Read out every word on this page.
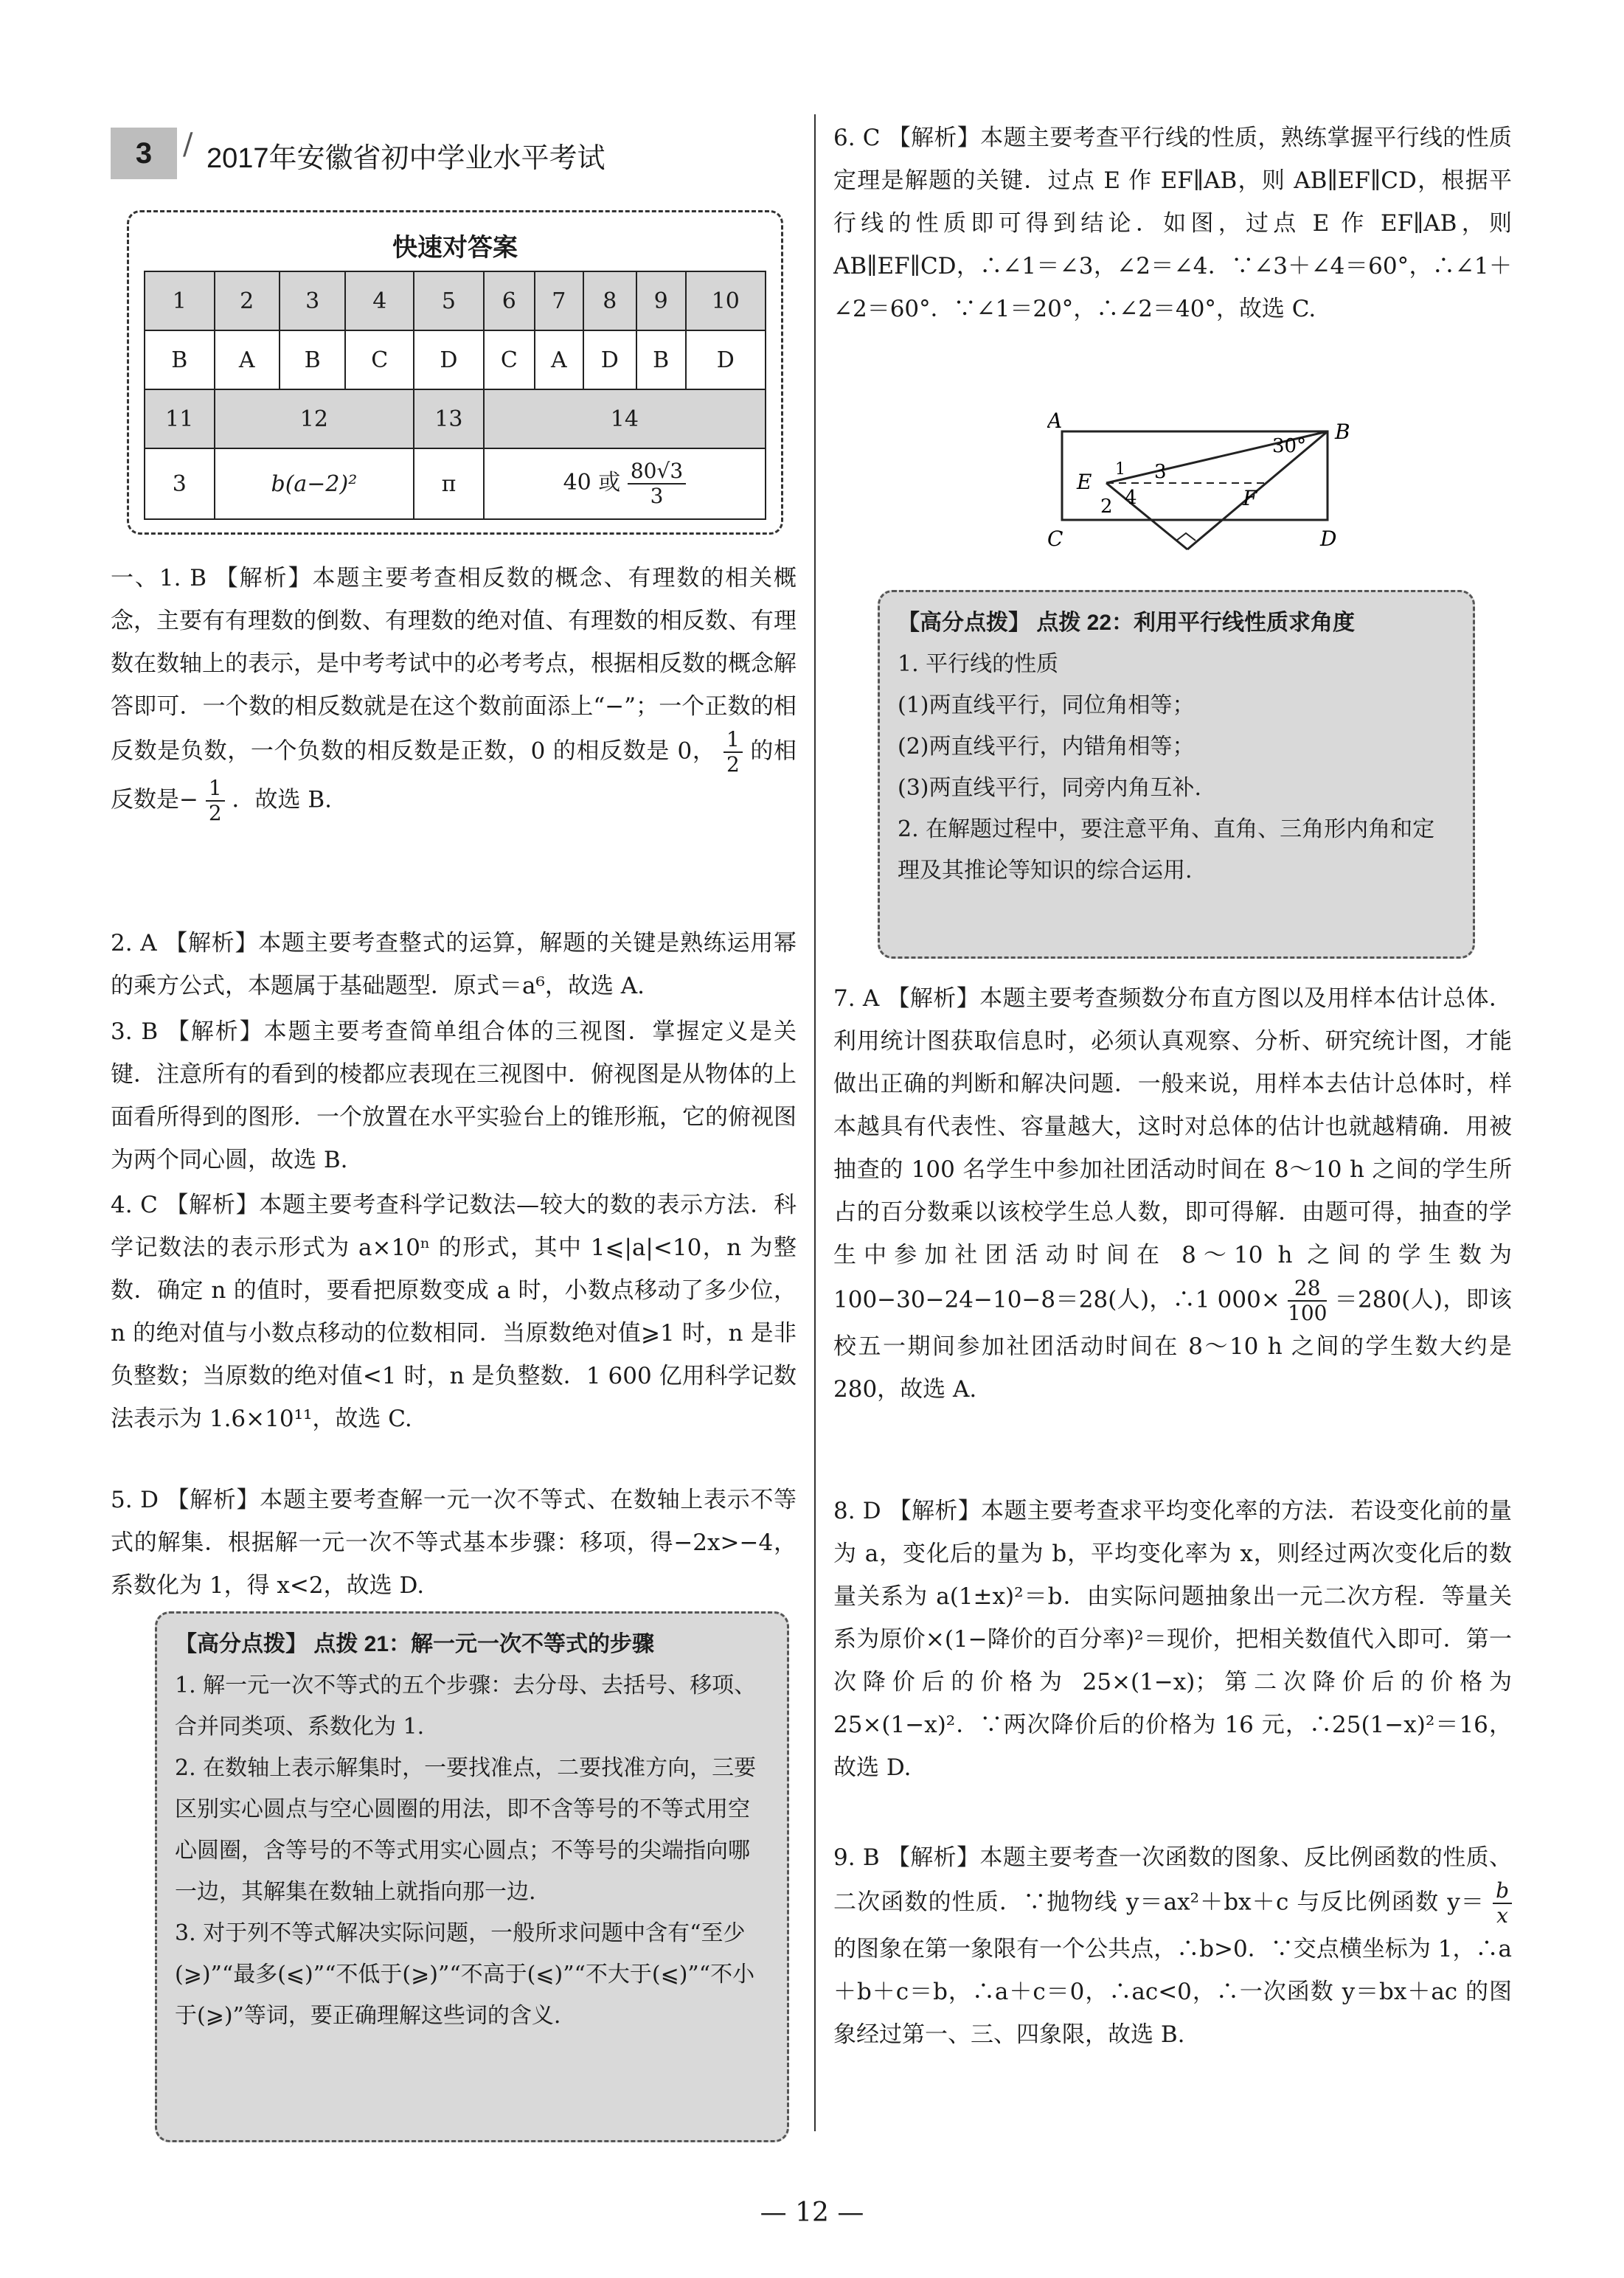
3	/ 2017年安徽省初中学业水平考试
快速对答案
1	2	3	4	5	6	7	8	9	10
B	A	B	C	D	C	A	D	B	D
11	12			13	14				
3	b(a−2)²			π	40 或 $\frac{80√3}{3}$
一、1. B 【解析】本题主要考查相反数的概念、有理数的相关概念，主要有有理数的倒数、有理数的绝对值、有理数的相反数、有理数在数轴上的表示，是中考考试中的必考考点，根据相反数的概念解答即可．一个数的相反数就是在这个数前面添上“−”；一个正数的相反数是负数，一个负数的相反数是正数，0 的相反数是 0， $\frac{1}{2}$ 的相反数是− $\frac{1}{2}$ ．故选 B.
2. A 【解析】本题主要考查整式的运算，解题的关键是熟练运用幂的乘方公式，本题属于基础题型．原式＝a⁶，故选 A.
3. B 【解析】本题主要考查简单组合体的三视图．掌握定义是关键．注意所有的看到的棱都应表现在三视图中．俯视图是从物体的上面看所得到的图形．一个放置在水平实验台上的锥形瓶，它的俯视图为两个同心圆，故选 B.
4. C 【解析】本题主要考查科学记数法—较大的数的表示方法．科学记数法的表示形式为 a×10ⁿ 的形式，其中 1⩽|a|<10，n 为整数．确定 n 的值时，要看把原数变成 a 时，小数点移动了多少位，n 的绝对值与小数点移动的位数相同．当原数绝对值⩾1 时，n 是非负整数；当原数的绝对值<1 时，n 是负整数．1 600 亿用科学记数法表示为 1.6×10¹¹，故选 C.
5. D 【解析】本题主要考查解一元一次不等式、在数轴上表示不等式的解集．根据解一元一次不等式基本步骤：移项，得−2x>−4，系数化为 1，得 x<2，故选 D.
【高分点拨】 点拨 21：解一元一次不等式的步骤
1. 解一元一次不等式的五个步骤：去分母、去括号、移项、合并同类项、系数化为 1.
2. 在数轴上表示解集时，一要找准点，二要找准方向，三要区别实心圆点与空心圆圈的用法，即不含等号的不等式用空心圆圈，含等号的不等式用实心圆点；不等号的尖端指向哪一边，其解集在数轴上就指向那一边.
3. 对于列不等式解决实际问题，一般所求问题中含有“至少(⩾)”“最多(⩽)”“不低于(⩾)”“不高于(⩽)”“不大于(⩽)”“不小于(⩾)”等词，要正确理解这些词的含义.
6. C 【解析】本题主要考查平行线的性质，熟练掌握平行线的性质定理是解题的关键．过点 E 作 EF∥AB，则 AB∥EF∥CD，根据平行线的性质即可得到结论．如图，过点 E 作 EF∥AB，则 AB∥EF∥CD，∴∠1＝∠3，∠2＝∠4．∵∠3＋∠4＝60°，∴∠1＋∠2＝60°．∵∠1＝20°，∴∠2＝40°，故选 C.
A	B
C	D
E
F
30°
1
2
3
4
【高分点拨】 点拨 22：利用平行线性质求角度
1. 平行线的性质
(1)两直线平行，同位角相等；
(2)两直线平行，内错角相等；
(3)两直线平行，同旁内角互补.
2. 在解题过程中，要注意平角、直角、三角形内角和定理及其推论等知识的综合运用.
7. A 【解析】本题主要考查频数分布直方图以及用样本估计总体．利用统计图获取信息时，必须认真观察、分析、研究统计图，才能做出正确的判断和解决问题．一般来说，用样本去估计总体时，样本越具有代表性、容量越大，这时对总体的估计也就越精确．用被抽查的 100 名学生中参加社团活动时间在 8～10 h 之间的学生所占的百分数乘以该校学生总人数，即可得解．由题可得，抽查的学生中参加社团活动时间在 8～10 h 之间的学生数为 100−30−24−10−8＝28(人)，∴1 $000\times \frac{28}{100} =280$(人)，即该校五一期间参加社团活动时间在 8～10 h 之间的学生数大约是 280，故选 A.
8. D 【解析】本题主要考查求平均变化率的方法．若设变化前的量为 a，变化后的量为 b，平均变化率为 x，则经过两次变化后的数量关系为 a(1±x)²＝b．由实际问题抽象出一元二次方程．等量关系为原价×(1−降价的百分率)²＝现价，把相关数值代入即可．第一次降价后的价格为 25×(1−x)；第二次降价后的价格为 25×(1−x)²．∵两次降价后的价格为 16 元，∴25(1−x)²＝16，故选 D.
9. B 【解析】本题主要考查一次函数的图象、反比例函数的性质、二次函数的性质．∵抛物线 y＝ax²＋bx＋c 与反比例函数 $y= \frac{b}{x}$
的图象在第一象限有一个公共点，∴b>0．∵交点横坐标为 1，∴a＋b＋c＝b，∴a＋c＝0，∴ac<0，∴一次函数 y＝bx＋ac 的图象经过第一、三、四象限，故选 B.
— 12 —
